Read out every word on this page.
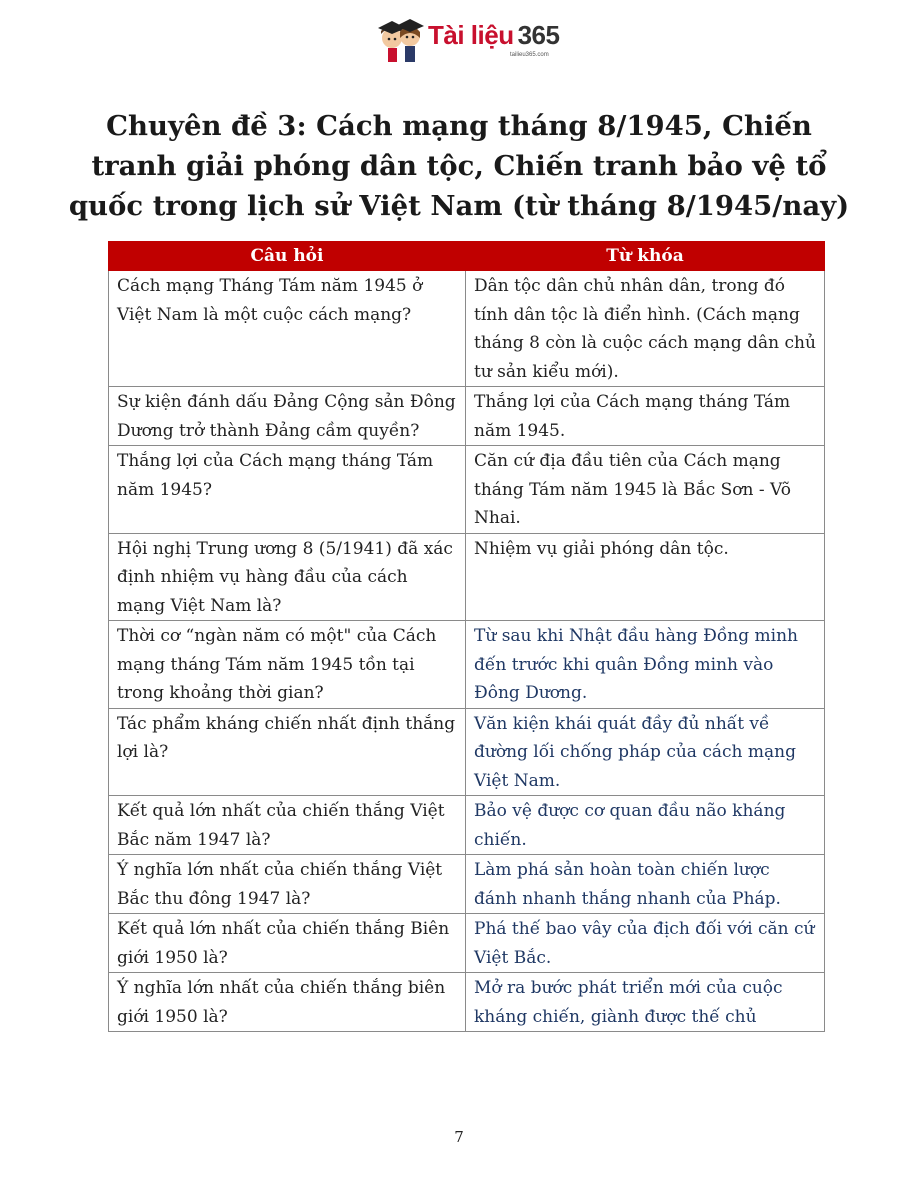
Tài liệu 365
tailieu365.com
Chuyên đề 3: Cách mạng tháng 8/1945, Chiến tranh giải phóng dân tộc, Chiến tranh bảo vệ tổ quốc trong lịch sử Việt Nam (từ tháng 8/1945/nay)
Câu hỏi	Từ khóa
Cách mạng Tháng Tám năm 1945 ở Việt Nam là một cuộc cách mạng?	Dân tộc dân chủ nhân dân, trong đó tính dân tộc là điển hình. (Cách mạng tháng 8 còn là cuộc cách mạng dân chủ tư sản kiểu mới).
Sự kiện đánh dấu Đảng Cộng sản Đông Dương trở thành Đảng cầm quyền?	Thắng lợi của Cách mạng tháng Tám năm 1945.
Thắng lợi của Cách mạng tháng Tám năm 1945?	Căn cứ địa đầu tiên của Cách mạng tháng Tám năm 1945 là Bắc Sơn - Võ Nhai.
Hội nghị Trung ương 8 (5/1941) đã xác định nhiệm vụ hàng đầu của cách mạng Việt Nam là?	Nhiệm vụ giải phóng dân tộc.
Thời cơ “ngàn năm có một" của Cách mạng tháng Tám năm 1945 tồn tại trong khoảng thời gian?	Từ sau khi Nhật đầu hàng Đồng minh đến trước khi quân Đồng minh vào Đông Dương.
Tác phẩm kháng chiến nhất định thắng lợi là?	Văn kiện khái quát đầy đủ nhất về đường lối chống pháp của cách mạng Việt Nam.
Kết quả lớn nhất của chiến thắng Việt Bắc năm 1947 là?	Bảo vệ được cơ quan đầu não kháng chiến.
Ý nghĩa lớn nhất của chiến thắng Việt Bắc thu đông 1947 là?	Làm phá sản hoàn toàn chiến lược đánh nhanh thắng nhanh của Pháp.
Kết quả lớn nhất của chiến thắng Biên giới 1950 là?	Phá thế bao vây của địch đối với căn cứ Việt Bắc.
Ý nghĩa lớn nhất của chiến thắng biên giới 1950 là?	Mở ra bước phát triển mới của cuộc kháng chiến, giành được thế chủ
7
